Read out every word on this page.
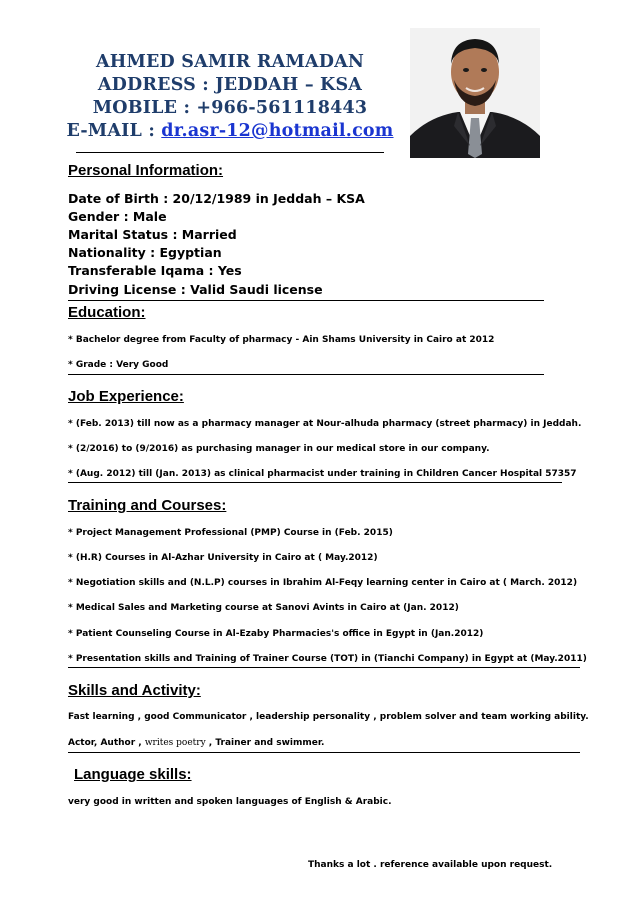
AHMED SAMIR RAMADAN
ADDRESS : JEDDAH – KSA
MOBILE : +966-561118443
E-MAIL : dr.asr-12@hotmail.com
Personal Information:
Date of Birth : 20/12/1989 in Jeddah – KSA
Gender : Male
Marital Status : Married
Nationality : Egyptian
Transferable Iqama : Yes
Driving License : Valid Saudi license
Education:
* Bachelor degree from Faculty of pharmacy - Ain Shams University in Cairo at 2012
* Grade : Very Good
Job Experience:
* (Feb. 2013) till now as a pharmacy manager at Nour-alhuda pharmacy (street pharmacy) in Jeddah.
* (2/2016) to (9/2016) as purchasing manager in our medical store in our company.
* (Aug. 2012) till (Jan. 2013) as clinical pharmacist under training in Children Cancer Hospital 57357
Training and Courses:
* Project Management Professional (PMP) Course in (Feb. 2015)
* (H.R) Courses in Al-Azhar University in Cairo at ( May.2012)
* Negotiation skills and (N.L.P) courses in Ibrahim Al-Feqy learning center in Cairo at ( March. 2012)
* Medical Sales and Marketing course at Sanovi Avints in Cairo at (Jan. 2012)
* Patient Counseling Course in Al-Ezaby Pharmacies's office in Egypt in (Jan.2012)
* Presentation skills and Training of Trainer Course (TOT) in (Tianchi Company) in Egypt at (May.2011)
Skills and Activity:
Fast learning , good Communicator , leadership personality , problem solver and team working ability.
Actor, Author , writes poetry , Trainer and swimmer.
Language skills:
very good in written and spoken languages of English & Arabic.
Thanks a lot . reference available upon request.
